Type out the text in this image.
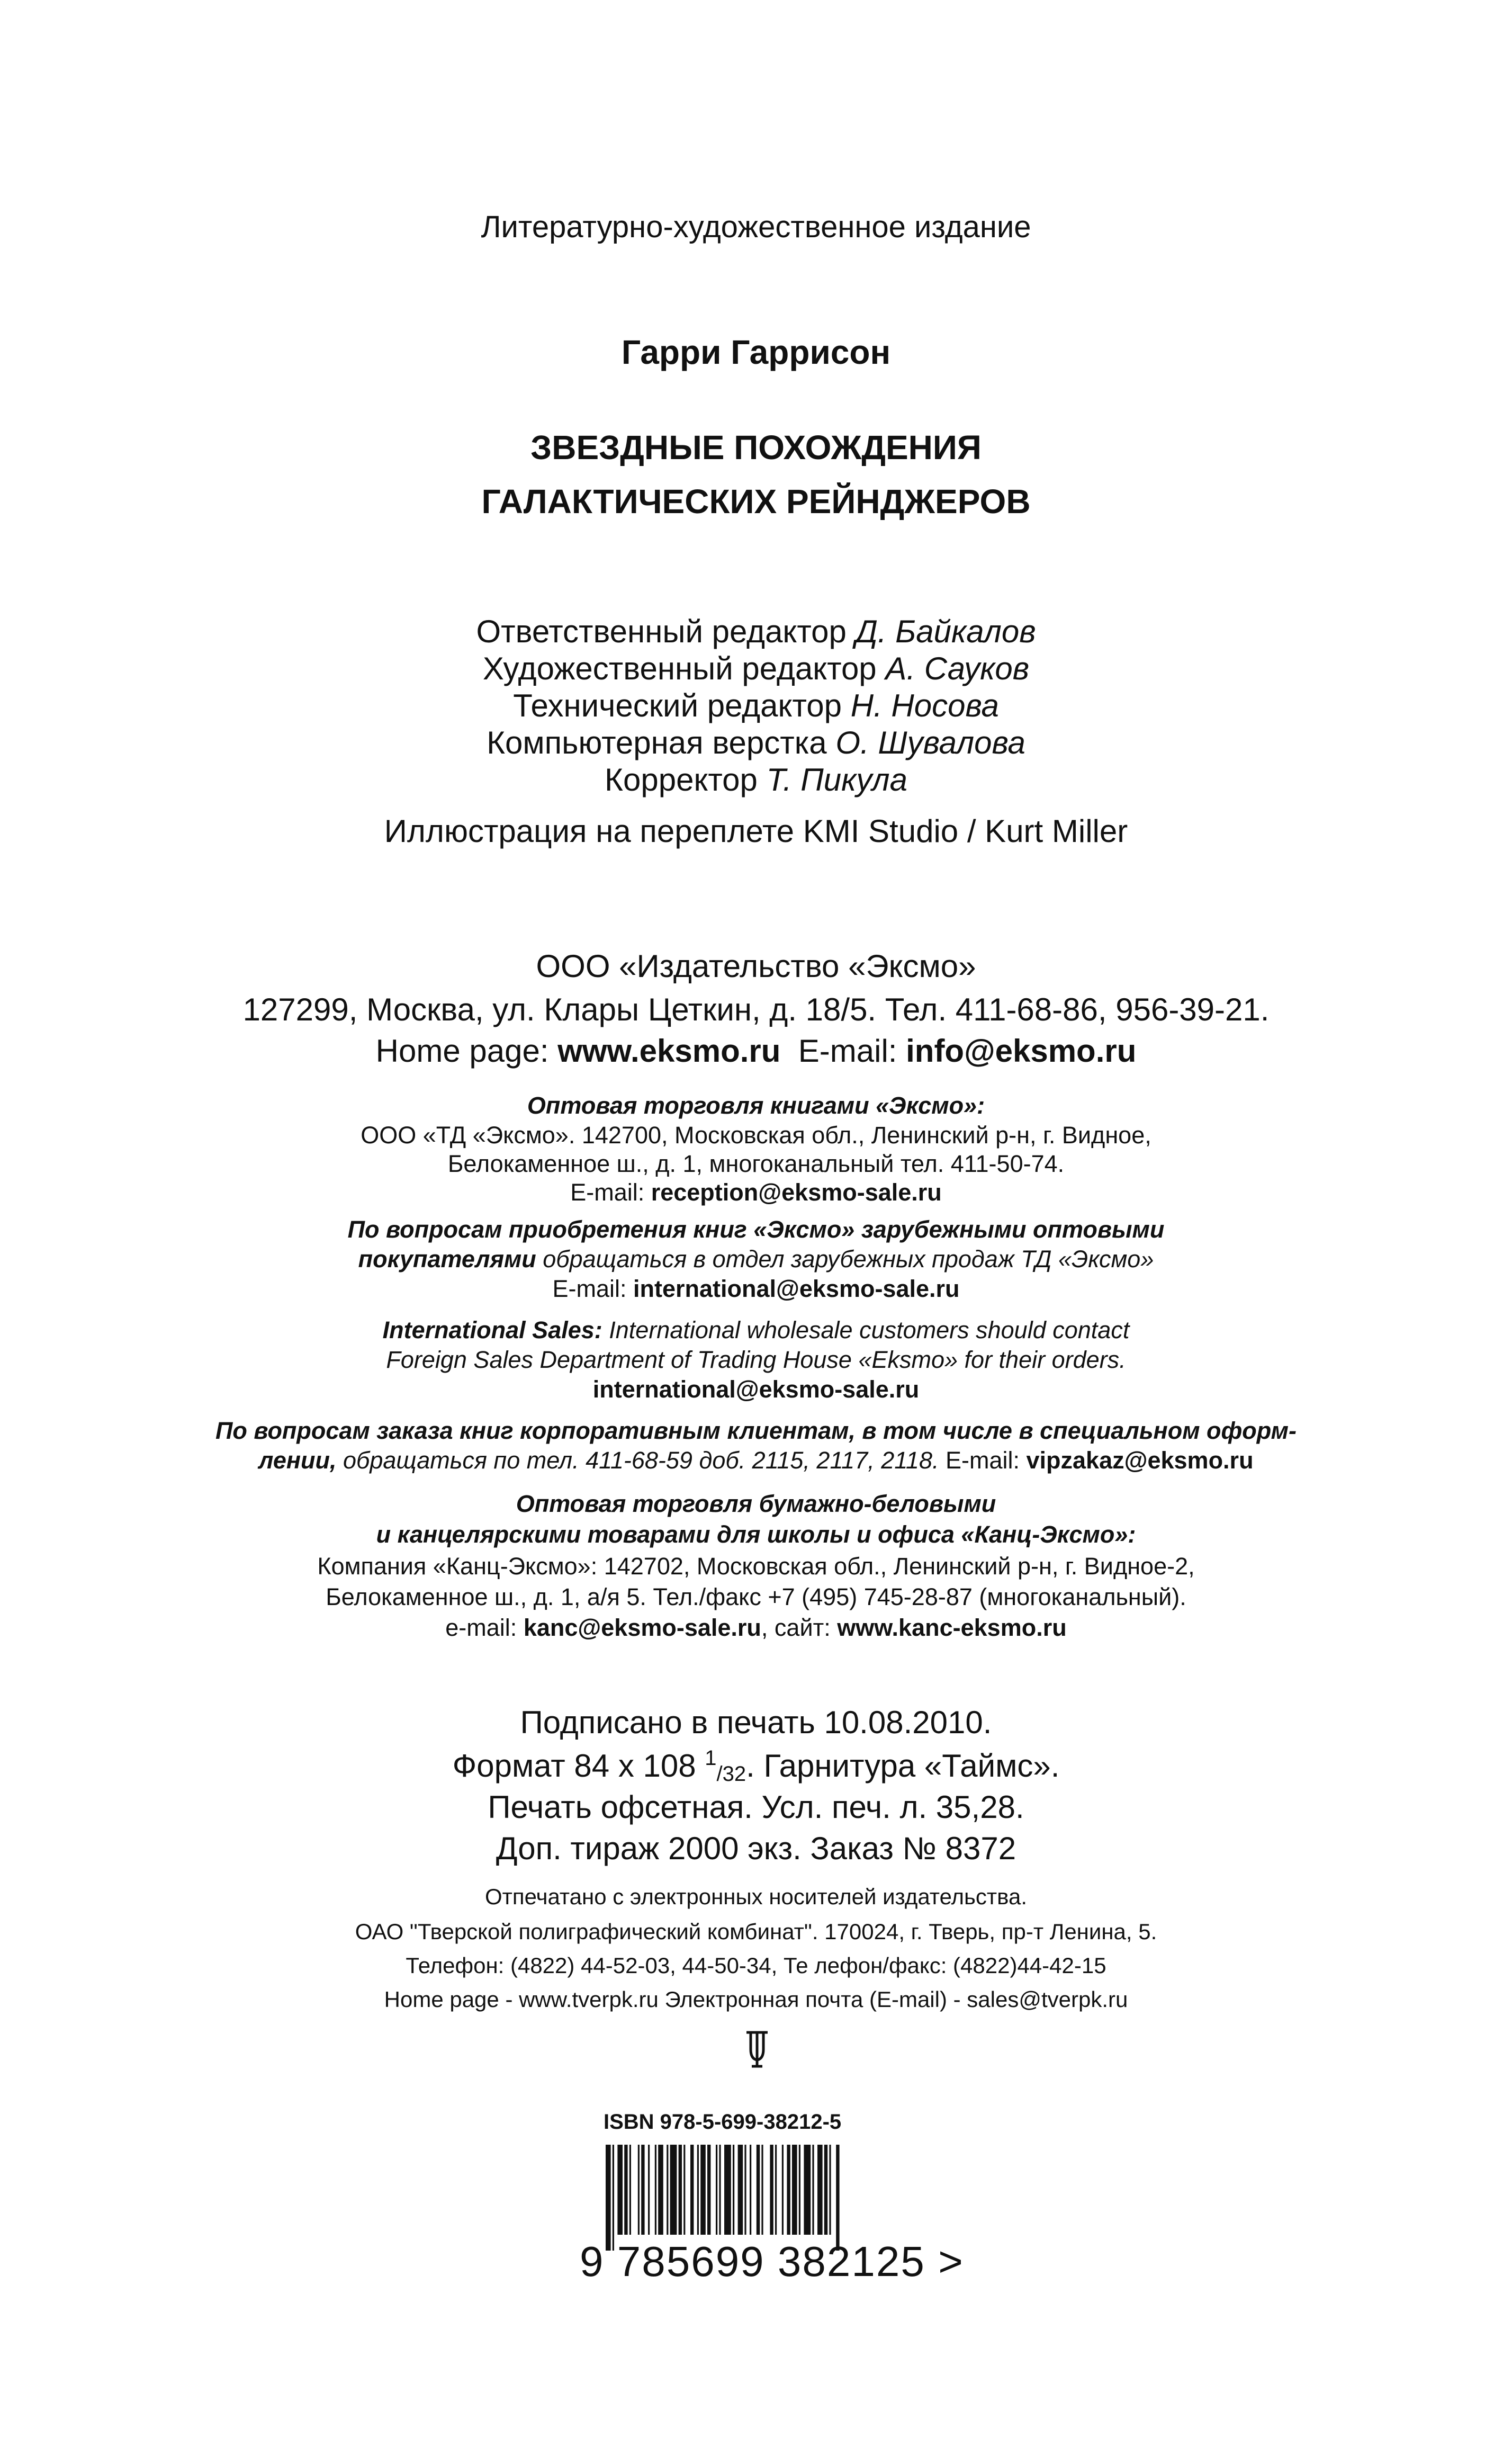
Литературно-художественное издание
Гарри Гаррисон
ЗВЕЗДНЫЕ ПОХОЖДЕНИЯ
ГАЛАКТИЧЕСКИХ РЕЙНДЖЕРОВ
Ответственный редактор Д. Байкалов
Художественный редактор А. Сауков
Технический редактор Н. Носова
Компьютерная верстка О. Шувалова
Корректор Т. Пикула
Иллюстрация на переплете KMI Studio / Kurt Miller
ООО «Издательство «Эксмо»
127299, Москва, ул. Клары Цеткин, д. 18/5. Тел. 411-68-86, 956-39-21.
Home page: www.eksmo.ru E-mail: info@eksmo.ru
Оптовая торговля книгами «Эксмо»:
ООО «ТД «Эксмо». 142700, Московская обл., Ленинский р-н, г. Видное,
Белокаменное ш., д. 1, многоканальный тел. 411-50-74.
E-mail: reception@eksmo-sale.ru
По вопросам приобретения книг «Эксмо» зарубежными оптовыми
покупателями обращаться в отдел зарубежных продаж ТД «Эксмо»
E-mail: international@eksmo-sale.ru
International Sales: International wholesale customers should contact
Foreign Sales Department of Trading House «Eksmo» for their orders.
international@eksmo-sale.ru
По вопросам заказа книг корпоративным клиентам, в том числе в специальном оформ-
лении, обращаться по тел. 411-68-59 доб. 2115, 2117, 2118. E-mail: vipzakaz@eksmo.ru
Оптовая торговля бумажно-беловыми
и канцелярскими товарами для школы и офиса «Канц-Эксмо»:
Компания «Канц-Эксмо»: 142702, Московская обл., Ленинский р-н, г. Видное-2,
Белокаменное ш., д. 1, а/я 5. Тел./факс +7 (495) 745-28-87 (многоканальный).
e-mail: kanc@eksmo-sale.ru, сайт: www.kanc-eksmo.ru
Подписано в печать 10.08.2010.
Формат 84 х 108 $^1_{/32}$. Гарнитура «Таймс».
Печать офсетная. Усл. печ. л. 35,28.
Доп. тираж 2000 экз. Заказ № 8372
Отпечатано с электронных носителей издательства.
ОАО "Тверской полиграфический комбинат". 170024, г. Тверь, пр-т Ленина, 5.
Телефон: (4822) 44-52-03, 44-50-34, Те лефон/факс: (4822)44-42-15
Home page - www.tverpk.ru Электронная почта (E-mail) - sales@tverpk.ru
ISBN 978-5-699-38212-5
9 785699 382125 >
